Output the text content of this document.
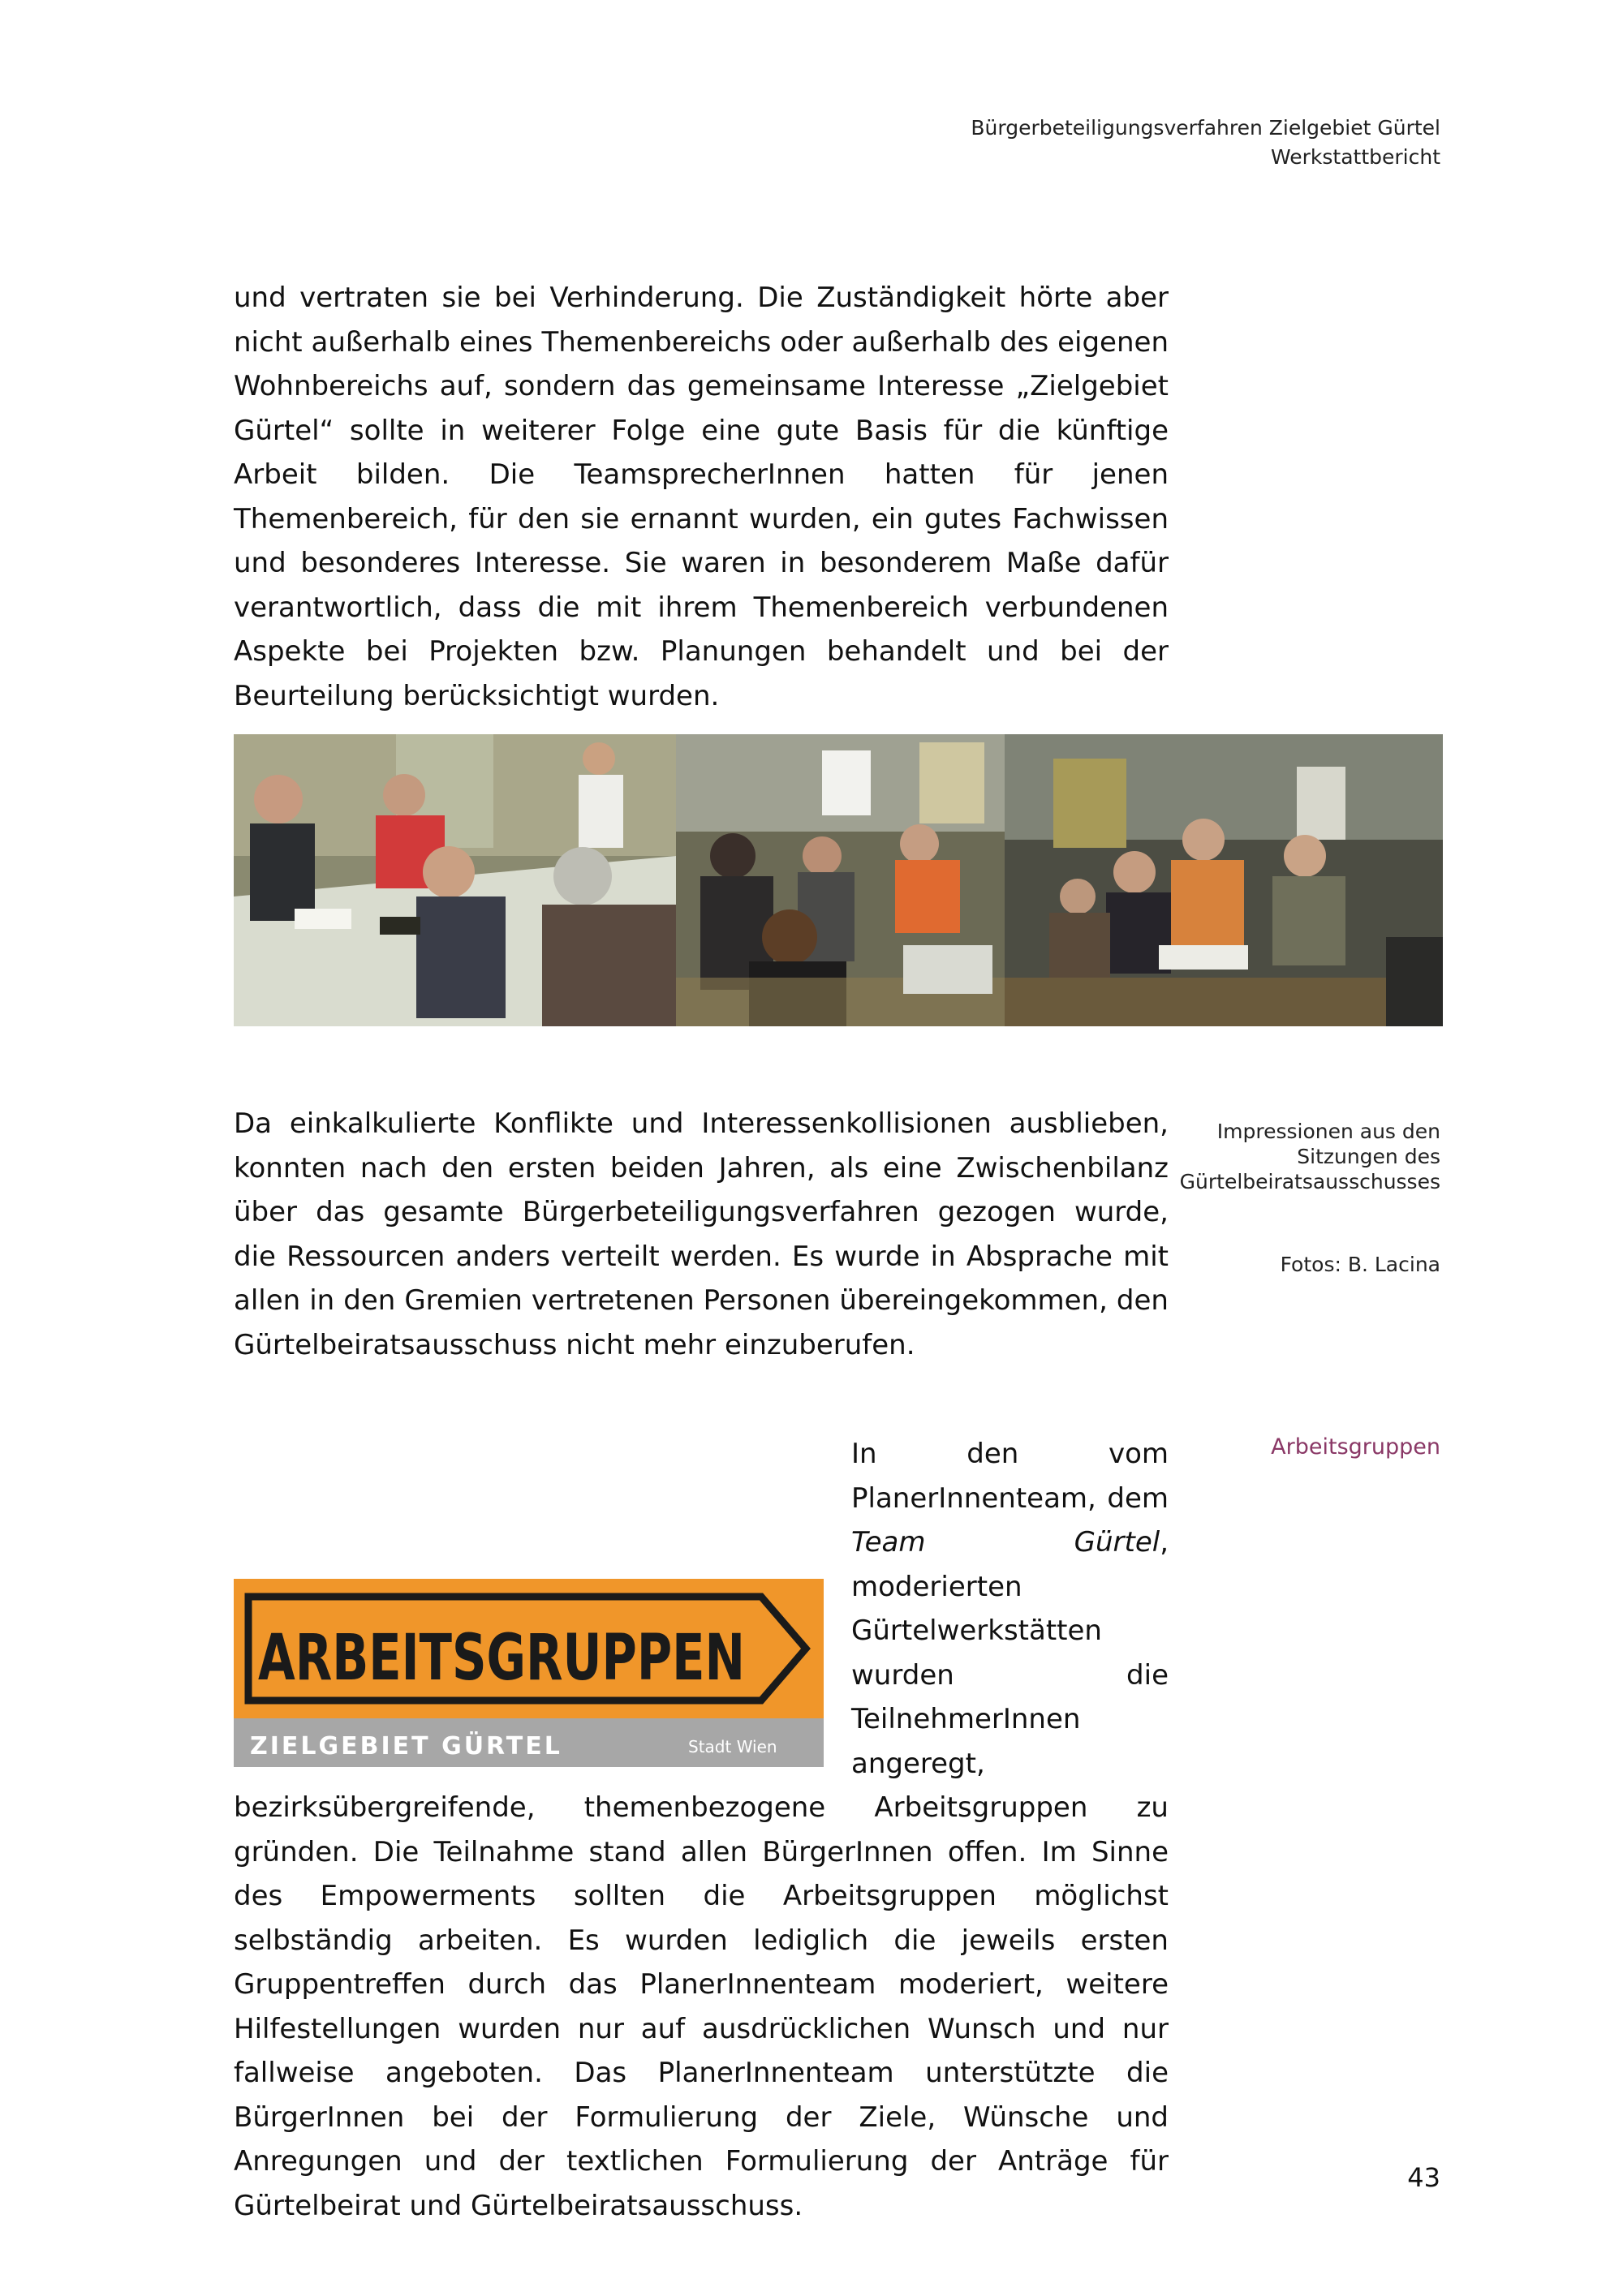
Bürgerbeteiligungsverfahren Zielgebiet Gürtel
Werkstattbericht

und vertraten sie bei Verhinderung. Die Zuständigkeit hörte aber nicht außerhalb eines Themenbereichs oder außerhalb des eigenen Wohnbereichs auf, sondern das gemeinsame Interesse „Zielgebiet Gürtel“ sollte in weiterer Folge eine gute Basis für die künftige Arbeit bilden. Die TeamsprecherInnen hatten für jenen Themenbereich, für den sie ernannt wurden, ein gutes Fachwissen und besonderes Interesse. Sie waren in besonderem Maße dafür verantwortlich, dass die mit ihrem Themenbereich verbundenen Aspekte bei Projekten bzw. Planungen behandelt und bei der Beurteilung berücksichtigt wurden.

Da einkalkulierte Konflikte und Interessenkollisionen ausblieben, konnten nach den ersten beiden Jahren, als eine Zwischenbilanz über das gesamte Bürgerbeteiligungsverfahren gezogen wurde, die Ressourcen anders verteilt werden. Es wurde in Absprache mit allen in den Gremien vertretenen Personen übereingekommen, den Gürtelbeiratsausschuss nicht mehr einzuberufen.

Impressionen aus den Sitzungen des Gürtelbeiratsausschusses
Fotos: B. Lacina
Arbeitsgruppen

In den vom PlanerInnenteam, dem Team Gürtel, moderierten Gürtelwerkstätten wurden die TeilnehmerInnen angeregt, bezirksübergreifende, themenbezogene Arbeitsgruppen zu gründen. Die Teilnahme stand allen BürgerInnen offen. Im Sinne des Empowerments sollten die Arbeitsgruppen möglichst selbständig arbeiten. Es wurden lediglich die jeweils ersten Gruppentreffen durch das PlanerInnenteam moderiert, weitere Hilfestellungen wurden nur auf ausdrücklichen Wunsch und nur fallweise angeboten. Das PlanerInnenteam unterstützte die BürgerInnen bei der Formulierung der Ziele, Wünsche und Anregungen und der textlichen Formulierung der Anträge für Gürtelbeirat und Gürtelbeiratsausschuss.

ARBEITSGRUPPEN
ZIELGEBIET GÜRTEL	Stadt Wien
43
